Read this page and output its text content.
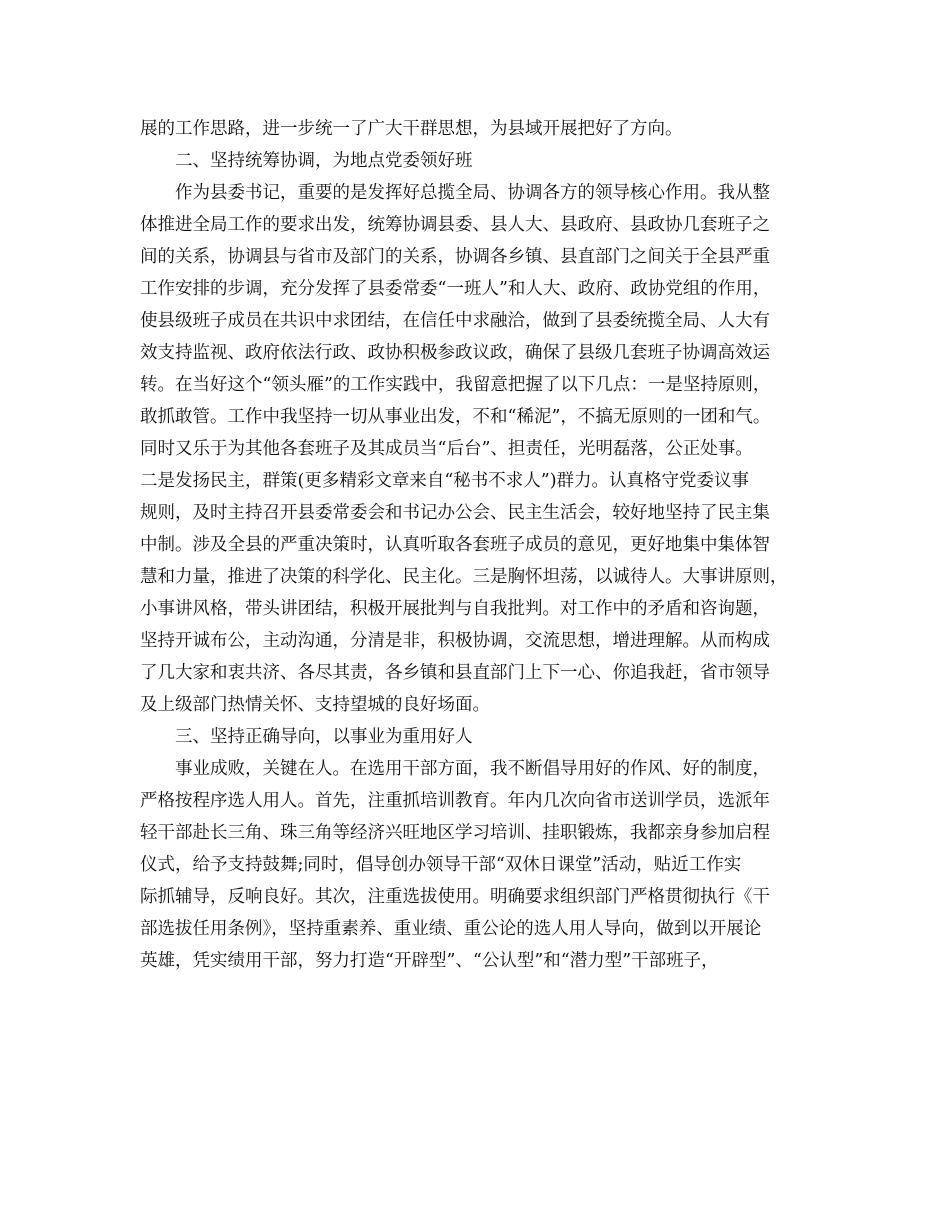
展的工作思路，进一步统一了广大干群思想，为县域开展把好了方向。
二、坚持统筹协调，为地点党委领好班
作为县委书记，重要的是发挥好总揽全局、协调各方的领导核心作用。我从整
体推进全局工作的要求出发，统筹协调县委、县人大、县政府、县政协几套班子之
间的关系，协调县与省市及部门的关系，协调各乡镇、县直部门之间关于全县严重
工作安排的步调，充分发挥了县委常委“一班人”和人大、政府、政协党组的作用，
使县级班子成员在共识中求团结，在信任中求融洽，做到了县委统揽全局、人大有
效支持监视、政府依法行政、政协积极参政议政，确保了县级几套班子协调高效运
转。在当好这个“领头雁”的工作实践中，我留意把握了以下几点：一是坚持原则，
敢抓敢管。工作中我坚持一切从事业出发，不和“稀泥”，不搞无原则的一团和气。
同时又乐于为其他各套班子及其成员当“后台”、担责任，光明磊落，公正处事。
二是发扬民主，群策(更多精彩文章来自“秘书不求人”)群力。认真格守党委议事
规则，及时主持召开县委常委会和书记办公会、民主生活会，较好地坚持了民主集
中制。涉及全县的严重决策时，认真听取各套班子成员的意见，更好地集中集体智
慧和力量，推进了决策的科学化、民主化。三是胸怀坦荡，以诚待人。大事讲原则，
小事讲风格，带头讲团结，积极开展批判与自我批判。对工作中的矛盾和咨询题，
坚持开诚布公，主动沟通，分清是非，积极协调，交流思想，增进理解。从而构成
了几大家和衷共济、各尽其责，各乡镇和县直部门上下一心、你追我赶，省市领导
及上级部门热情关怀、支持望城的良好场面。
三、坚持正确导向，以事业为重用好人
事业成败，关键在人。在选用干部方面，我不断倡导用好的作风、好的制度，
严格按程序选人用人。首先，注重抓培训教育。年内几次向省市送训学员，选派年
轻干部赴长三角、珠三角等经济兴旺地区学习培训、挂职锻炼，我都亲身参加启程
仪式，给予支持鼓舞;同时，倡导创办领导干部“双休日课堂”活动，贴近工作实
际抓辅导，反响良好。其次，注重选拔使用。明确要求组织部门严格贯彻执行《干
部选拔任用条例》，坚持重素养、重业绩、重公论的选人用人导向，做到以开展论
英雄，凭实绩用干部，努力打造“开辟型”、“公认型”和“潜力型”干部班子，
